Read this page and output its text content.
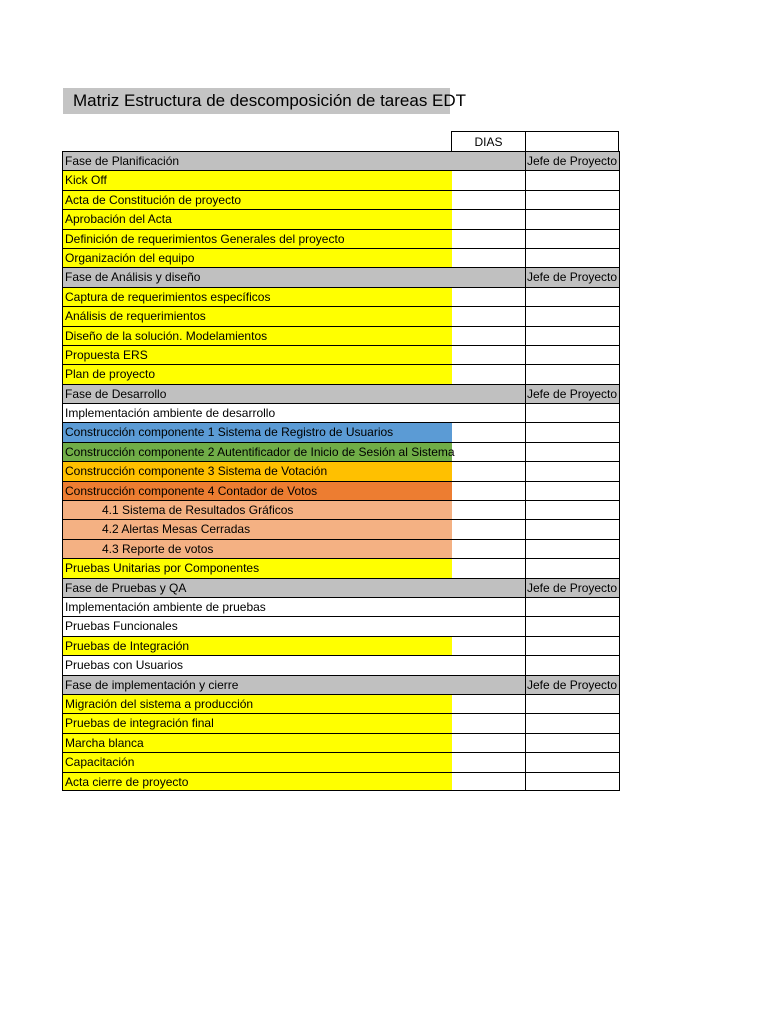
Matriz Estructura de descomposición de tareas EDT
DIAS
Jefe de Proyecto
Fase de Planificación
Kick Off
Acta de Constitución de proyecto
Aprobación del Acta
Definición de requerimientos Generales del proyecto
Organización del equipo
Jefe de Proyecto
Fase de Análisis y diseño
Captura de requerimientos específicos
Análisis de requerimientos
Diseño de la solución. Modelamientos
Propuesta ERS
Plan de proyecto
Jefe de Proyecto
Fase de Desarrollo
Implementación ambiente de desarrollo
Construcción componente 1 Sistema de Registro de Usuarios
Construcción componente 2 Autentificador de Inicio de Sesión al Sistema
Construcción componente 3 Sistema de Votación
Construcción componente 4 Contador de Votos
4.1 Sistema de Resultados Gráficos
4.2 Alertas Mesas Cerradas
4.3 Reporte de votos
Pruebas Unitarias por Componentes
Jefe de Proyecto
Fase de Pruebas y QA
Implementación ambiente de pruebas
Pruebas Funcionales
Pruebas de Integración
Pruebas con Usuarios
Jefe de Proyecto
Fase de implementación y cierre
Migración del sistema a producción
Pruebas de integración final
Marcha blanca
Capacitación
Acta cierre de proyecto
